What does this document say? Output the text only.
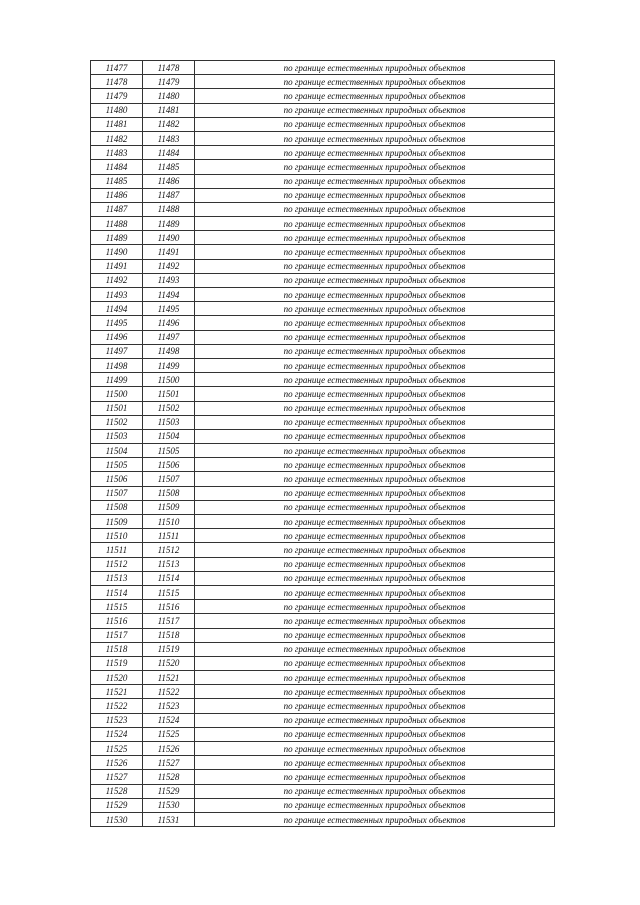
11477	11478	по границе естественных природных объектов
11478	11479	по границе естественных природных объектов
11479	11480	по границе естественных природных объектов
11480	11481	по границе естественных природных объектов
11481	11482	по границе естественных природных объектов
11482	11483	по границе естественных природных объектов
11483	11484	по границе естественных природных объектов
11484	11485	по границе естественных природных объектов
11485	11486	по границе естественных природных объектов
11486	11487	по границе естественных природных объектов
11487	11488	по границе естественных природных объектов
11488	11489	по границе естественных природных объектов
11489	11490	по границе естественных природных объектов
11490	11491	по границе естественных природных объектов
11491	11492	по границе естественных природных объектов
11492	11493	по границе естественных природных объектов
11493	11494	по границе естественных природных объектов
11494	11495	по границе естественных природных объектов
11495	11496	по границе естественных природных объектов
11496	11497	по границе естественных природных объектов
11497	11498	по границе естественных природных объектов
11498	11499	по границе естественных природных объектов
11499	11500	по границе естественных природных объектов
11500	11501	по границе естественных природных объектов
11501	11502	по границе естественных природных объектов
11502	11503	по границе естественных природных объектов
11503	11504	по границе естественных природных объектов
11504	11505	по границе естественных природных объектов
11505	11506	по границе естественных природных объектов
11506	11507	по границе естественных природных объектов
11507	11508	по границе естественных природных объектов
11508	11509	по границе естественных природных объектов
11509	11510	по границе естественных природных объектов
11510	11511	по границе естественных природных объектов
11511	11512	по границе естественных природных объектов
11512	11513	по границе естественных природных объектов
11513	11514	по границе естественных природных объектов
11514	11515	по границе естественных природных объектов
11515	11516	по границе естественных природных объектов
11516	11517	по границе естественных природных объектов
11517	11518	по границе естественных природных объектов
11518	11519	по границе естественных природных объектов
11519	11520	по границе естественных природных объектов
11520	11521	по границе естественных природных объектов
11521	11522	по границе естественных природных объектов
11522	11523	по границе естественных природных объектов
11523	11524	по границе естественных природных объектов
11524	11525	по границе естественных природных объектов
11525	11526	по границе естественных природных объектов
11526	11527	по границе естественных природных объектов
11527	11528	по границе естественных природных объектов
11528	11529	по границе естественных природных объектов
11529	11530	по границе естественных природных объектов
11530	11531	по границе естественных природных объектов
